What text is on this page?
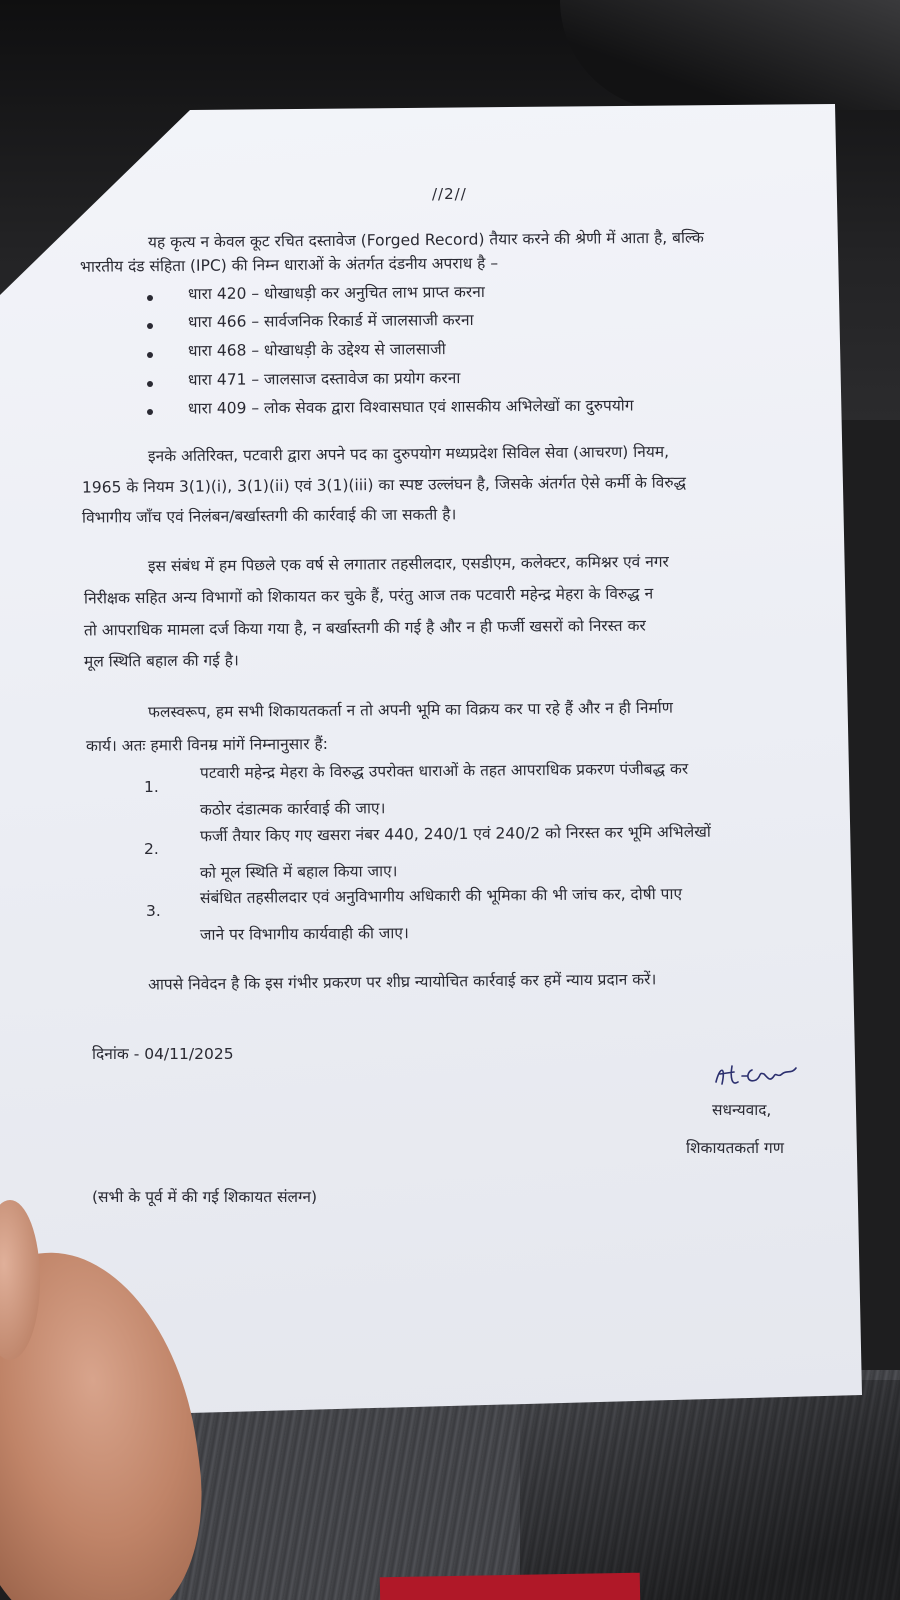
//2//
यह कृत्य न केवल कूट रचित दस्तावेज (Forged Record) तैयार करने की श्रेणी में आता है, बल्कि
भारतीय दंड संहिता (IPC) की निम्न धाराओं के अंतर्गत दंडनीय अपराध है –
धारा 420 – धोखाधड़ी कर अनुचित लाभ प्राप्त करना
धारा 466 – सार्वजनिक रिकार्ड में जालसाजी करना
धारा 468 – धोखाधड़ी के उद्देश्य से जालसाजी
धारा 471 – जालसाज दस्तावेज का प्रयोग करना
धारा 409 – लोक सेवक द्वारा विश्वासघात एवं शासकीय अभिलेखों का दुरुपयोग
इनके अतिरिक्त, पटवारी द्वारा अपने पद का दुरुपयोग मध्यप्रदेश सिविल सेवा (आचरण) नियम,
1965 के नियम 3(1)(i), 3(1)(ii) एवं 3(1)(iii) का स्पष्ट उल्लंघन है, जिसके अंतर्गत ऐसे कर्मी के विरुद्ध
विभागीय जाँच एवं निलंबन/बर्खास्तगी की कार्रवाई की जा सकती है।
इस संबंध में हम पिछले एक वर्ष से लगातार तहसीलदार, एसडीएम, कलेक्टर, कमिश्नर एवं नगर
निरीक्षक सहित अन्य विभागों को शिकायत कर चुके हैं, परंतु आज तक पटवारी महेन्द्र मेहरा के विरुद्ध न
तो आपराधिक मामला दर्ज किया गया है, न बर्खास्तगी की गई है और न ही फर्जी खसरों को निरस्त कर
मूल स्थिति बहाल की गई है।
फलस्वरूप, हम सभी शिकायतकर्ता न तो अपनी भूमि का विक्रय कर पा रहे हैं और न ही निर्माण
कार्य। अतः हमारी विनम्र मांगें निम्नानुसार हैं:
1.
पटवारी महेन्द्र मेहरा के विरुद्ध उपरोक्त धाराओं के तहत आपराधिक प्रकरण पंजीबद्ध कर
कठोर दंडात्मक कार्रवाई की जाए।
2.
फर्जी तैयार किए गए खसरा नंबर 440, 240/1 एवं 240/2 को निरस्त कर भूमि अभिलेखों
को मूल स्थिति में बहाल किया जाए।
3.
संबंधित तहसीलदार एवं अनुविभागीय अधिकारी की भूमिका की भी जांच कर, दोषी पाए
जाने पर विभागीय कार्यवाही की जाए।
आपसे निवेदन है कि इस गंभीर प्रकरण पर शीघ्र न्यायोचित कार्रवाई कर हमें न्याय प्रदान करें।
दिनांक - 04/11/2025
सधन्यवाद,
शिकायतकर्ता गण
(सभी के पूर्व में की गई शिकायत संलग्न)
